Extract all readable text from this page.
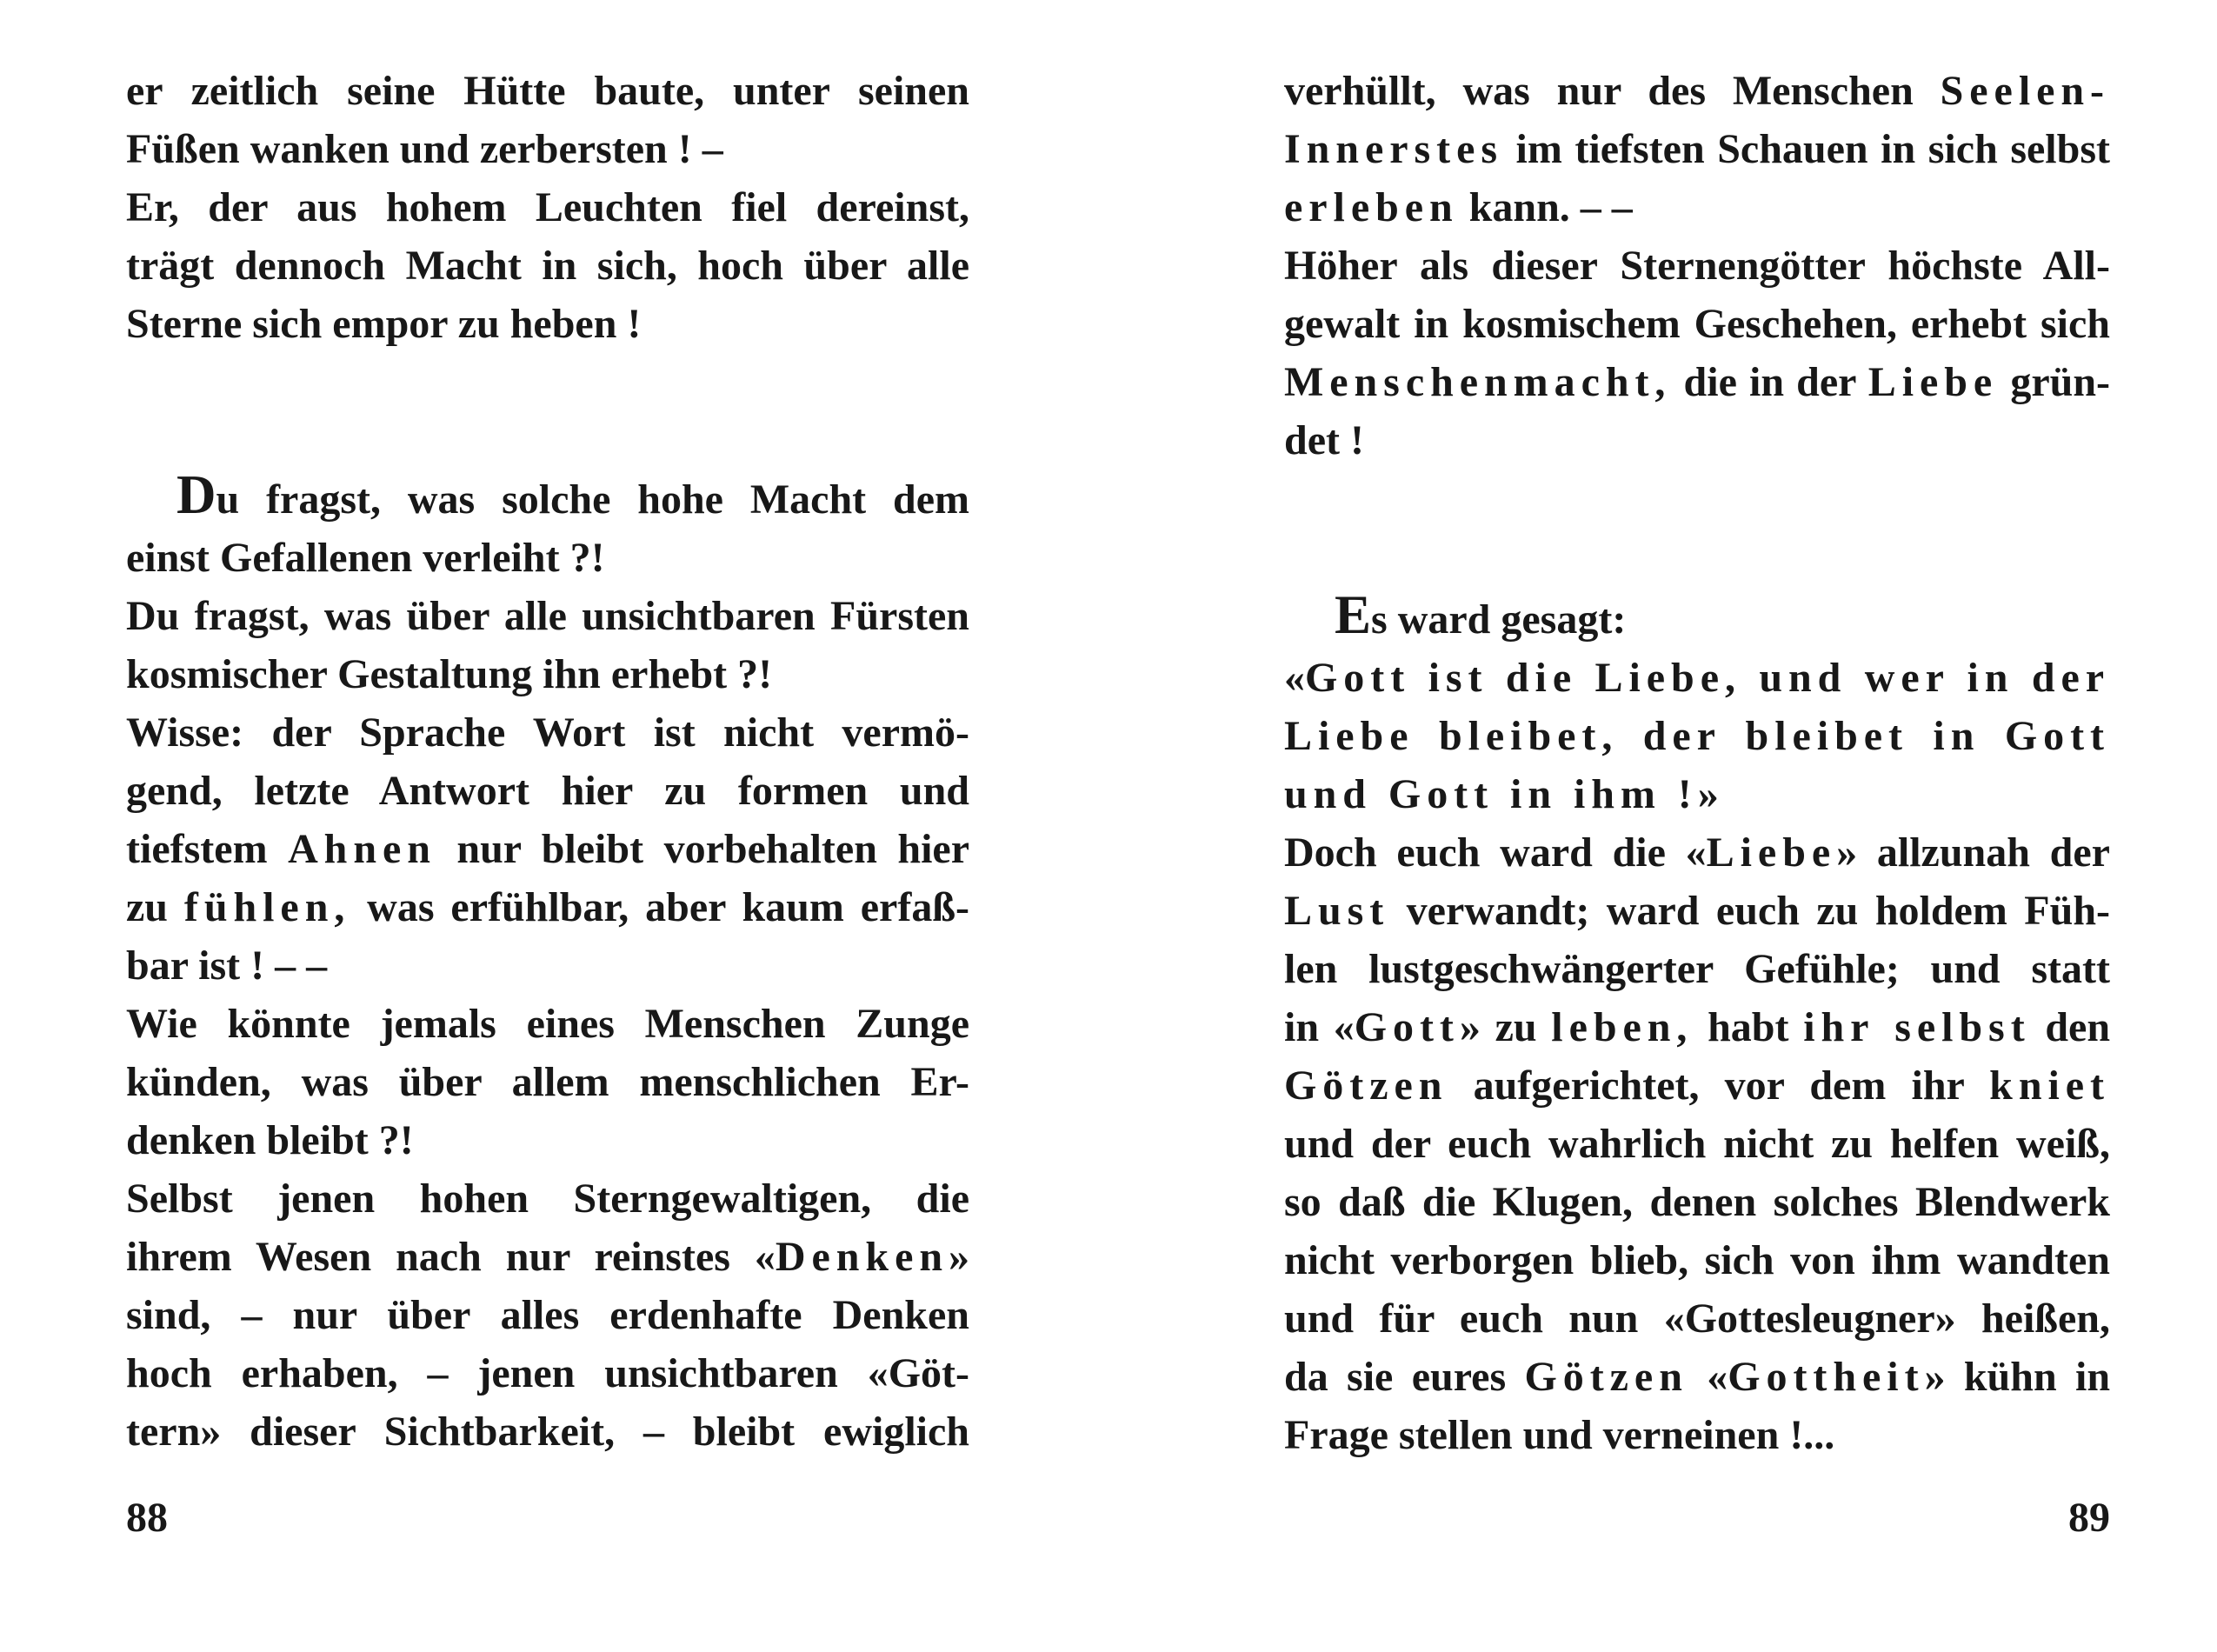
er zeitlich seine Hütte baute, unter seinen
Füßen wanken und zerbersten ! –
Er, der aus hohem Leuchten fiel dereinst,
trägt dennoch Macht in sich, hoch über alle
Sterne sich empor zu heben !
Du fragst, was solche hohe Macht dem
einst Gefallenen verleiht ?!
Du fragst, was über alle unsichtbaren Fürsten
kosmischer Gestaltung ihn erhebt ?!
Wisse: der Sprache Wort ist nicht vermö-
gend, letzte Antwort hier zu formen und
tiefstem Ahnen nur bleibt vorbehalten hier
zu fühlen, was erfühlbar, aber kaum erfaß-
bar ist ! – –
Wie könnte jemals eines Menschen Zunge
künden, was über allem menschlichen Er-
denken bleibt ?!
Selbst jenen hohen Sterngewaltigen, die
ihrem Wesen nach nur reinstes «Denken»
sind, – nur über alles erdenhafte Denken
hoch erhaben, – jenen unsichtbaren «Göt-
tern» dieser Sichtbarkeit, – bleibt ewiglich
verhüllt, was nur des Menschen Seelen-
Innerstes im tiefsten Schauen in sich selbst
erleben kann. – –
Höher als dieser Sternengötter höchste All-
gewalt in kosmischem Geschehen, erhebt sich
Menschenmacht, die in der Liebe grün-
det !
Es ward gesagt:
«Gott ist die Liebe, und wer in der
Liebe bleibet, der bleibet in Gott
und Gott in ihm !»
Doch euch ward die «Liebe» allzunah der
Lust verwandt; ward euch zu holdem Füh-
len lustgeschwängerter Gefühle; und statt
in «Gott» zu leben, habt ihr selbst den
Götzen aufgerichtet, vor dem ihr kniet
und der euch wahrlich nicht zu helfen weiß,
so daß die Klugen, denen solches Blendwerk
nicht verborgen blieb, sich von ihm wandten
und für euch nun «Gottesleugner» heißen,
da sie eures Götzen «Gottheit» kühn in
Frage stellen und verneinen !...
88	89
